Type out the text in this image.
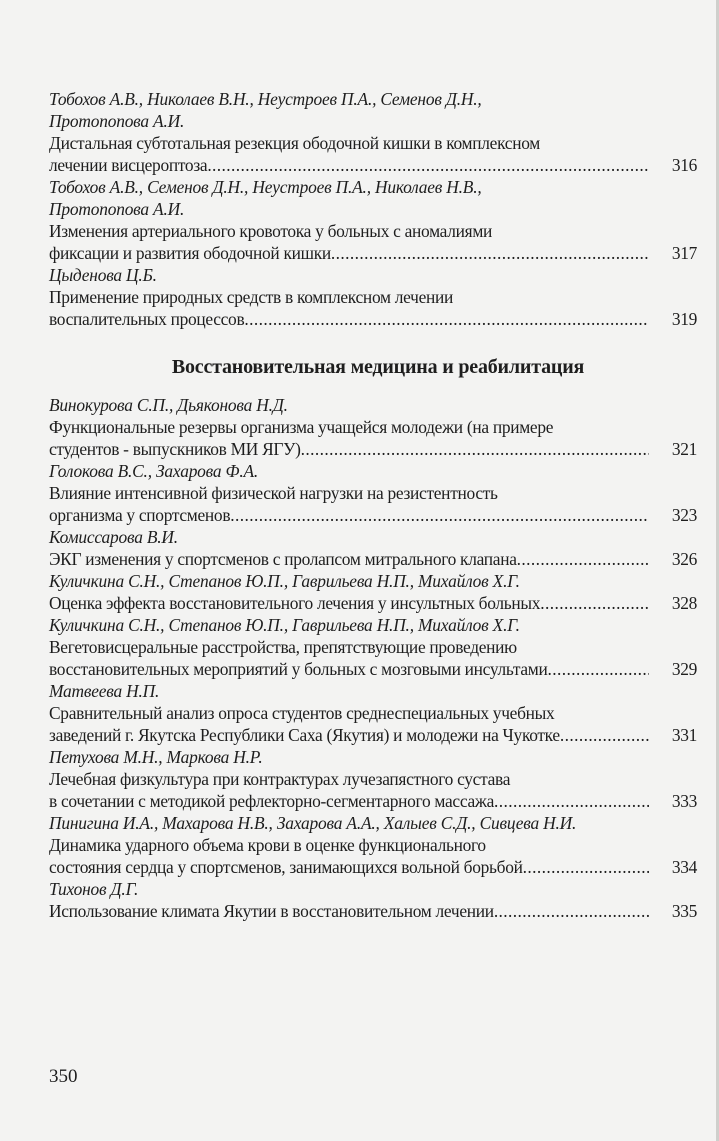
Тобохов А.В., Николаев В.Н., Неустроев П.А., Семенов Д.Н.,
Протопопова А.И.
Дистальная субтотальная резекция ободочной кишки в комплексном
лечении висцероптоза .....	316
Тобохов А.В., Семенов Д.Н., Неустроев П.А., Николаев Н.В.,
Протопопова А.И.
Изменения артериального кровотока у больных с аномалиями
фиксации и развития ободочной кишки .....	317
Цыденова Ц.Б.
Применение природных средств в комплексном лечении
воспалительных процессов .....	319
Восстановительная медицина и реабилитация
Винокурова С.П., Дьяконова Н.Д.
Функциональные резервы организма учащейся молодежи (на примере
студентов - выпускников МИ ЯГУ) .....	321
Голокова В.С., Захарова Ф.А.
Влияние интенсивной физической нагрузки на резистентность
организма у спортсменов .....	323
Комиссарова В.И.
ЭКГ изменения у спортсменов с пролапсом митрального клапана .....	326
Куличкина С.Н., Степанов Ю.П., Гаврильева Н.П., Михайлов Х.Г.
Оценка эффекта восстановительного лечения у инсультных больных .....	328
Куличкина С.Н., Степанов Ю.П., Гаврильева Н.П., Михайлов Х.Г.
Вегетовисцеральные расстройства, препятствующие проведению
восстановительных мероприятий у больных с мозговыми инсультами .....	329
Матвеева Н.П.
Сравнительный анализ опроса студентов среднеспециальных учебных
заведений г. Якутска Республики Саха (Якутия) и молодежи на Чукотке .....	331
Петухова М.Н., Маркова Н.Р.
Лечебная физкультура при контрактурах лучезапястного сустава
в сочетании с методикой рефлекторно-сегментарного массажа .....	333
Пинигина И.А., Махарова Н.В., Захарова А.А., Халыев С.Д., Сивцева Н.И.
Динамика ударного объема крови в оценке функционального
состояния сердца у спортсменов, занимающихся вольной борьбой .....	334
Тихонов Д.Г.
Использование климата Якутии в восстановительном лечении .....	335
350
